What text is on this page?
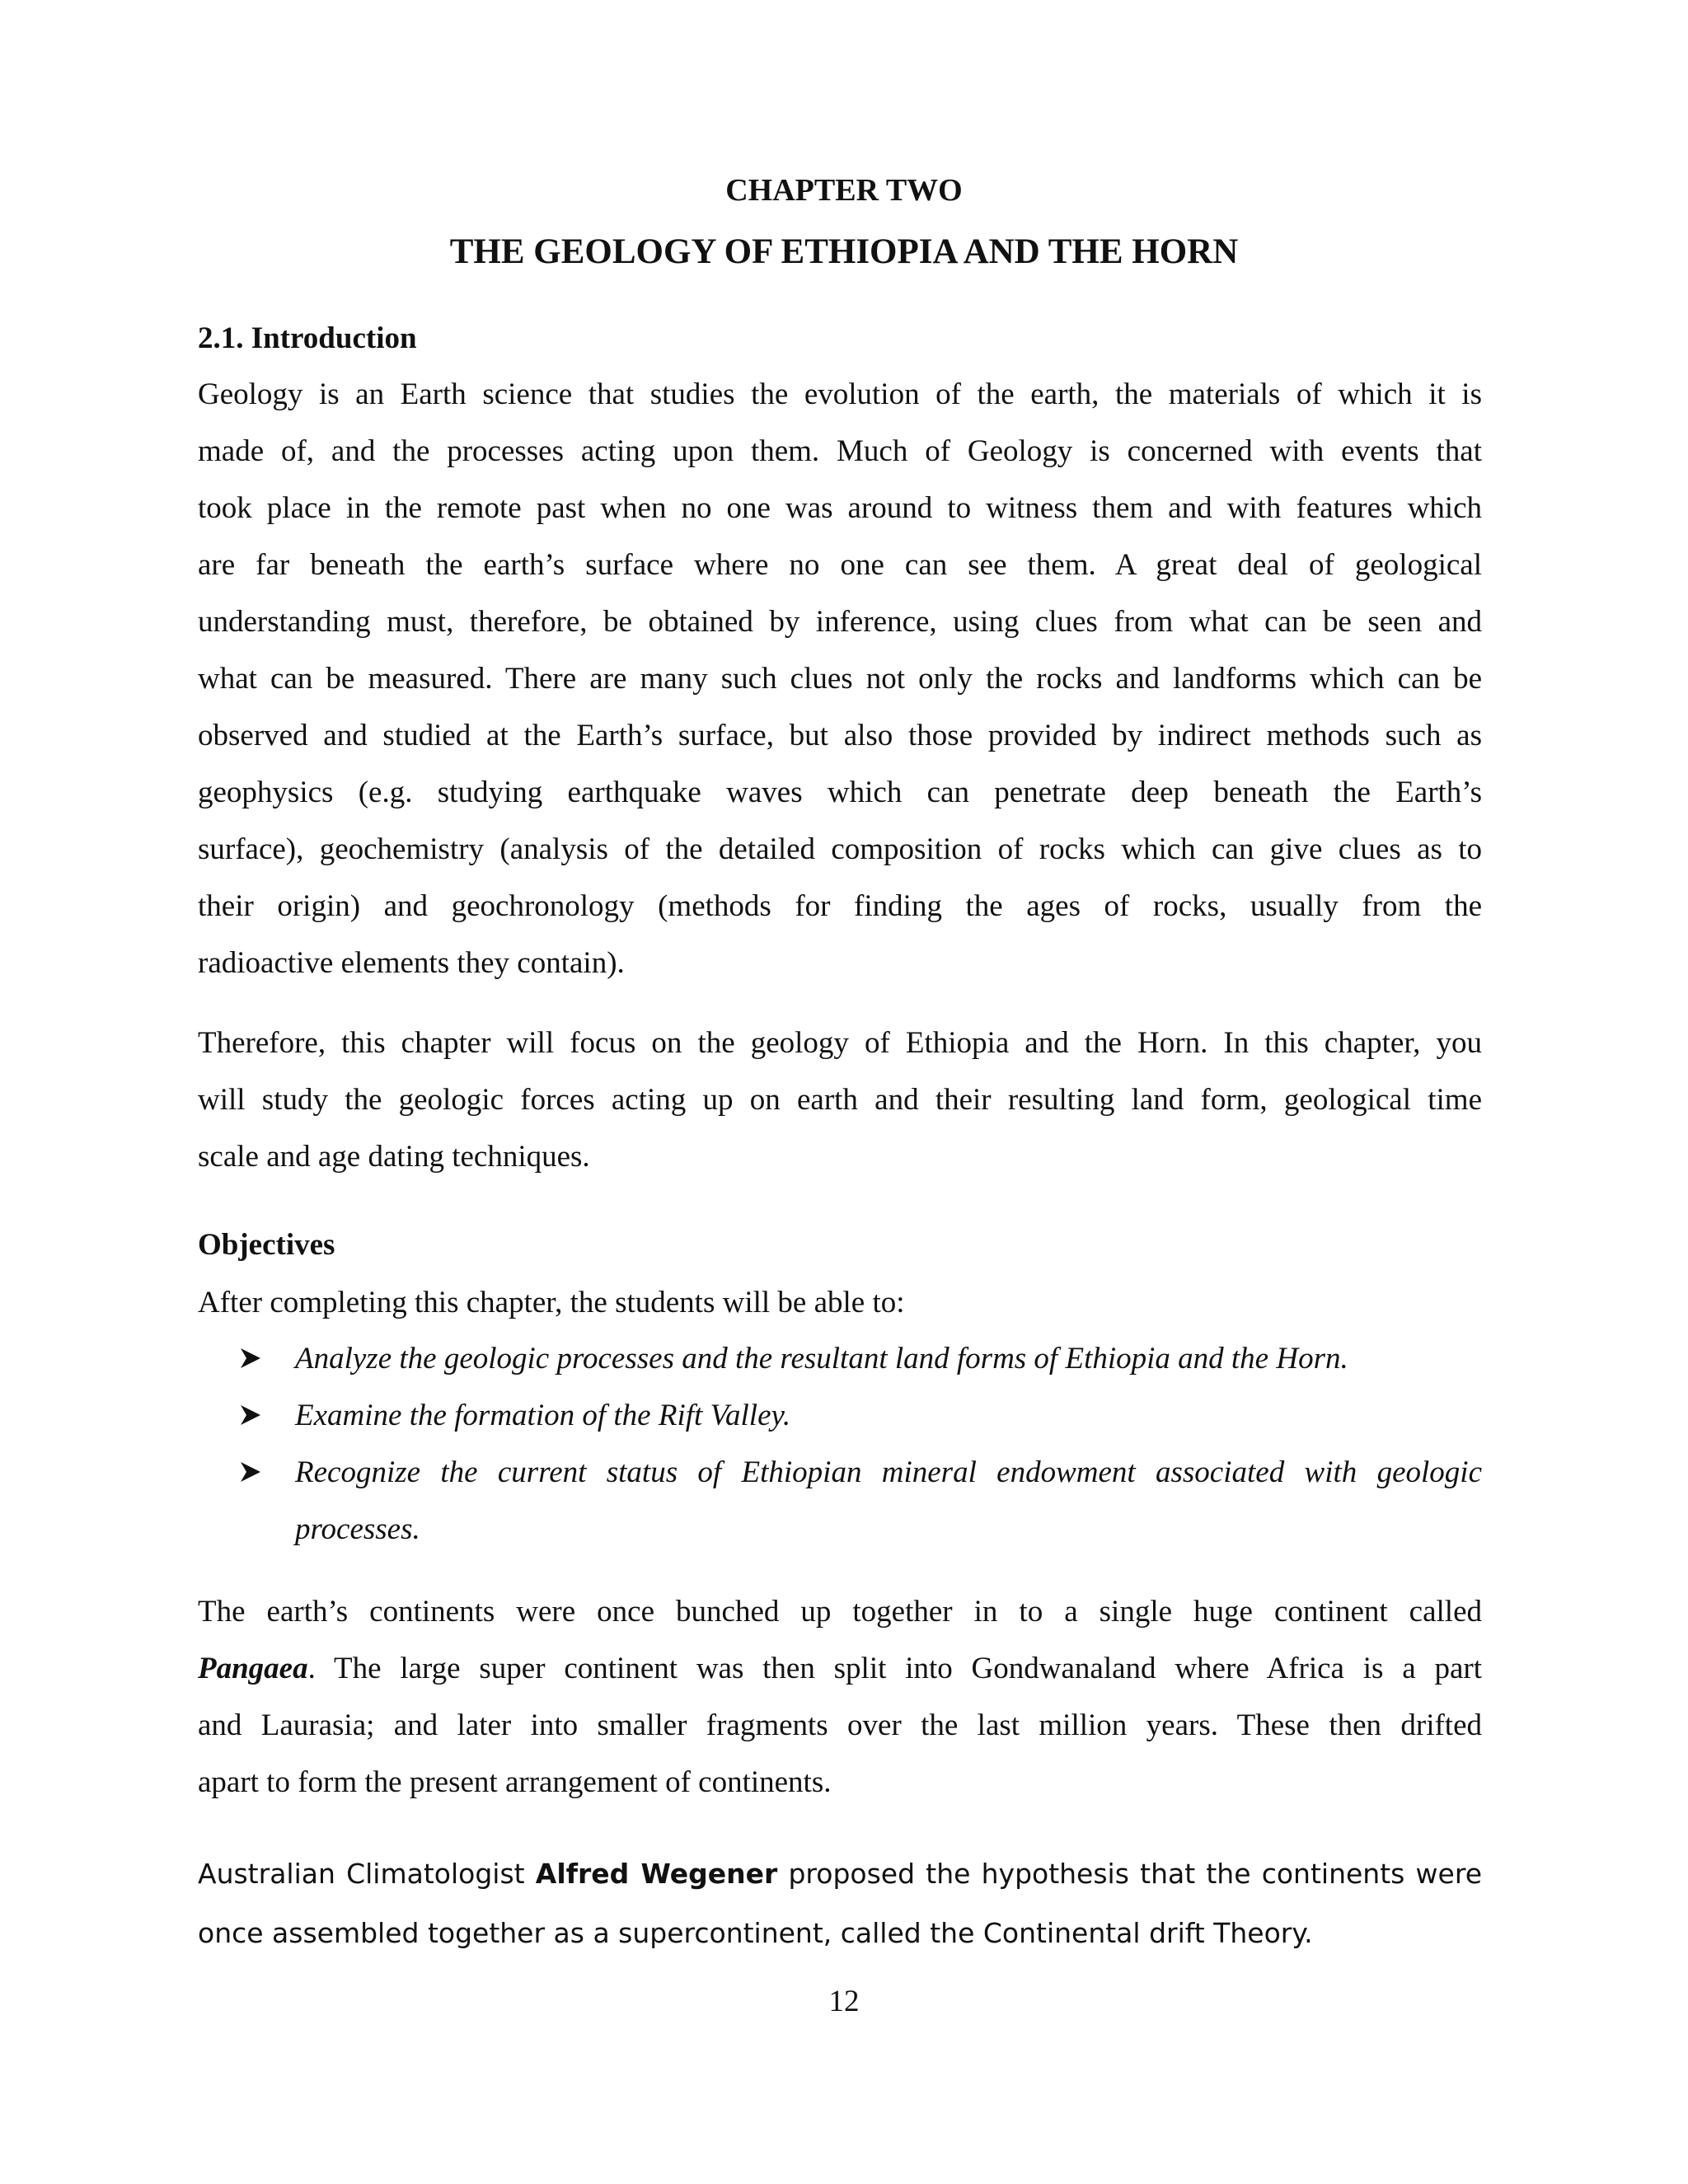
CHAPTER TWO
THE GEOLOGY OF ETHIOPIA AND THE HORN
2.1. Introduction

Geology is an Earth science that studies the evolution of the earth, the materials of which it is
made of, and the processes acting upon them. Much of Geology is concerned with events that
took place in the remote past when no one was around to witness them and with features which
are far beneath the earth’s surface where no one can see them. A great deal of geological
understanding must, therefore, be obtained by inference, using clues from what can be seen and
what can be measured. There are many such clues not only the rocks and landforms which can be
observed and studied at the Earth’s surface, but also those provided by indirect methods such as
geophysics (e.g. studying earthquake waves which can penetrate deep beneath the Earth’s
surface), geochemistry (analysis of the detailed composition of rocks which can give clues as to
their origin) and geochronology (methods for finding the ages of rocks, usually from the
radioactive elements they contain).

Therefore, this chapter will focus on the geology of Ethiopia and the Horn. In this chapter, you
will study the geologic forces acting up on earth and their resulting land form, geological time
scale and age dating techniques.

Objectives
After completing this chapter, the students will be able to:
Analyze the geologic processes and the resultant land forms of Ethiopia and the Horn.
Examine the formation of the Rift Valley.
Recognize the current status of Ethiopian mineral endowment associated with geologic
processes.

The earth’s continents were once bunched up together in to a single huge continent called
Pangaea. The large super continent was then split into Gondwanaland where Africa is a part
and Laurasia; and later into smaller fragments over the last million years. These then drifted
apart to form the present arrangement of continents.

Australian Climatologist Alfred Wegener proposed the hypothesis that the continents were
once assembled together as a supercontinent, called the Continental drift Theory.

12
